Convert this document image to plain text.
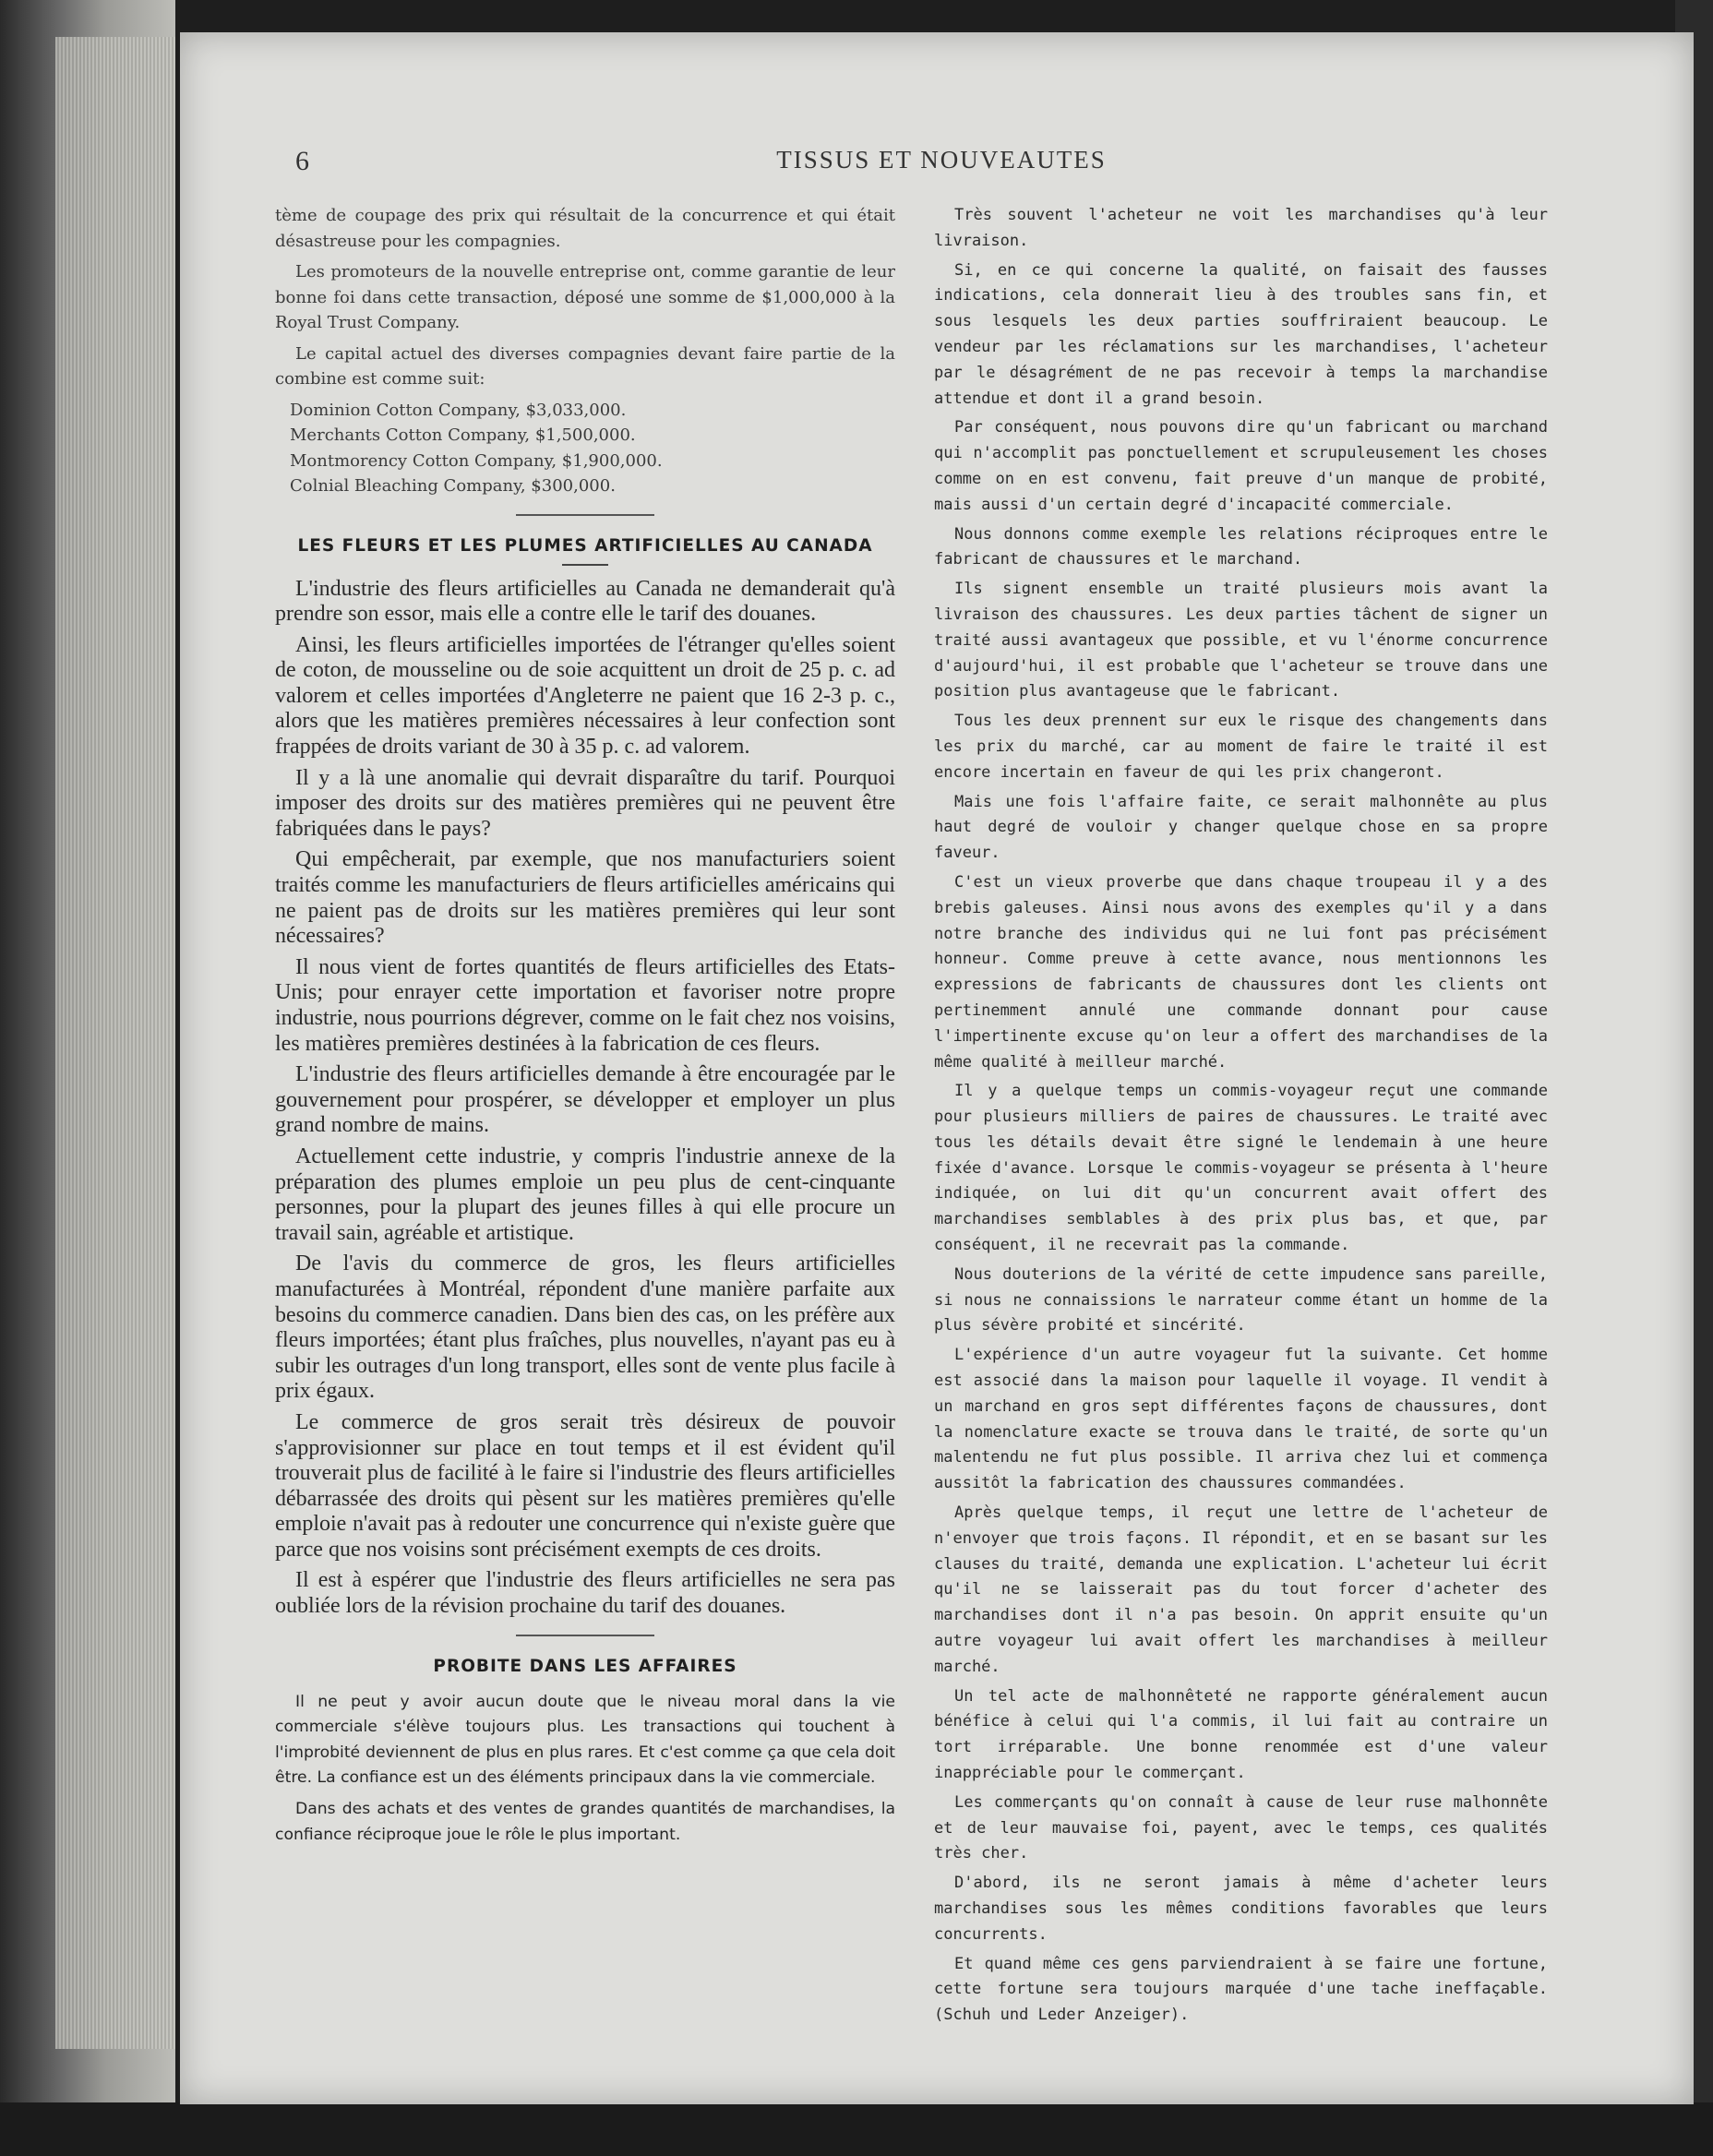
6	TISSUS ET NOUVEAUTES

tème de coupage des prix qui résultait de la concurrence et qui était désastreuse pour les compagnies.

Les promoteurs de la nouvelle entreprise ont, comme garantie de leur bonne foi dans cette transaction, déposé une somme de $1,000,000 à la Royal Trust Company.

Le capital actuel des diverses compagnies devant faire partie de la combine est comme suit:

Dominion Cotton Company, $3,033,000.
Merchants Cotton Company, $1,500,000.
Montmorency Cotton Company, $1,900,000.
Colnial Bleaching Company, $300,000.
LES FLEURS ET LES PLUMES ARTIFICIELLES AU CANADA

L'industrie des fleurs artificielles au Canada ne demanderait qu'à prendre son essor, mais elle a contre elle le tarif des douanes.

Ainsi, les fleurs artificielles importées de l'étranger qu'elles soient de coton, de mousseline ou de soie acquittent un droit de 25 p. c. ad valorem et celles importées d'Angleterre ne paient que 16 2-3 p. c., alors que les matières premières nécessaires à leur confection sont frappées de droits variant de 30 à 35 p. c. ad valorem.

Il y a là une anomalie qui devrait disparaître du tarif. Pourquoi imposer des droits sur des matières premières qui ne peuvent être fabriquées dans le pays?

Qui empêcherait, par exemple, que nos manufacturiers soient traités comme les manufacturiers de fleurs artificielles américains qui ne paient pas de droits sur les matières premières qui leur sont nécessaires?

Il nous vient de fortes quantités de fleurs artificielles des Etats-Unis; pour enrayer cette importation et favoriser notre propre industrie, nous pourrions dégrever, comme on le fait chez nos voisins, les matières premières destinées à la fabrication de ces fleurs.

L'industrie des fleurs artificielles demande à être encouragée par le gouvernement pour prospérer, se développer et employer un plus grand nombre de mains.

Actuellement cette industrie, y compris l'industrie annexe de la préparation des plumes emploie un peu plus de cent-cinquante personnes, pour la plupart des jeunes filles à qui elle procure un travail sain, agréable et artistique.

De l'avis du commerce de gros, les fleurs artificielles manufacturées à Montréal, répondent d'une manière parfaite aux besoins du commerce canadien. Dans bien des cas, on les préfère aux fleurs importées; étant plus fraîches, plus nouvelles, n'ayant pas eu à subir les outrages d'un long transport, elles sont de vente plus facile à prix égaux.

Le commerce de gros serait très désireux de pouvoir s'approvisionner sur place en tout temps et il est évident qu'il trouverait plus de facilité à le faire si l'industrie des fleurs artificielles débarrassée des droits qui pèsent sur les matières premières qu'elle emploie n'avait pas à redouter une concurrence qui n'existe guère que parce que nos voisins sont précisément exempts de ces droits.

Il est à espérer que l'industrie des fleurs artificielles ne sera pas oubliée lors de la révision prochaine du tarif des douanes.

PROBITE DANS LES AFFAIRES

Il ne peut y avoir aucun doute que le niveau moral dans la vie commerciale s'élève toujours plus. Les transactions qui touchent à l'improbité deviennent de plus en plus rares. Et c'est comme ça que cela doit être. La confiance est un des éléments principaux dans la vie commerciale.

Dans des achats et des ventes de grandes quantités de marchandises, la confiance réciproque joue le rôle le plus important.

Très souvent l'acheteur ne voit les marchandises qu'à leur livraison.

Si, en ce qui concerne la qualité, on faisait des fausses indications, cela donnerait lieu à des troubles sans fin, et sous lesquels les deux parties souffriraient beaucoup. Le vendeur par les réclamations sur les marchandises, l'acheteur par le désagrément de ne pas recevoir à temps la marchandise attendue et dont il a grand besoin.

Par conséquent, nous pouvons dire qu'un fabricant ou marchand qui n'accomplit pas ponctuellement et scrupuleusement les choses comme on en est convenu, fait preuve d'un manque de probité, mais aussi d'un certain degré d'incapacité commerciale.

Nous donnons comme exemple les relations réciproques entre le fabricant de chaussures et le marchand.

Ils signent ensemble un traité plusieurs mois avant la livraison des chaussures. Les deux parties tâchent de signer un traité aussi avantageux que possible, et vu l'énorme concurrence d'aujourd'hui, il est probable que l'acheteur se trouve dans une position plus avantageuse que le fabricant.

Tous les deux prennent sur eux le risque des changements dans les prix du marché, car au moment de faire le traité il est encore incertain en faveur de qui les prix changeront.

Mais une fois l'affaire faite, ce serait malhonnête au plus haut degré de vouloir y changer quelque chose en sa propre faveur.

C'est un vieux proverbe que dans chaque troupeau il y a des brebis galeuses. Ainsi nous avons des exemples qu'il y a dans notre branche des individus qui ne lui font pas précisément honneur. Comme preuve à cette avance, nous mentionnons les expressions de fabricants de chaussures dont les clients ont pertinemment annulé une commande donnant pour cause l'impertinente excuse qu'on leur a offert des marchandises de la même qualité à meilleur marché.

Il y a quelque temps un commis-voyageur reçut une commande pour plusieurs milliers de paires de chaussures. Le traité avec tous les détails devait être signé le lendemain à une heure fixée d'avance. Lorsque le commis-voyageur se présenta à l'heure indiquée, on lui dit qu'un concurrent avait offert des marchandises semblables à des prix plus bas, et que, par conséquent, il ne recevrait pas la commande.

Nous douterions de la vérité de cette impudence sans pareille, si nous ne connaissions le narrateur comme étant un homme de la plus sévère probité et sincérité.

L'expérience d'un autre voyageur fut la suivante. Cet homme est associé dans la maison pour laquelle il voyage. Il vendit à un marchand en gros sept différentes façons de chaussures, dont la nomenclature exacte se trouva dans le traité, de sorte qu'un malentendu ne fut plus possible. Il arriva chez lui et commença aussitôt la fabrication des chaussures commandées.

Après quelque temps, il reçut une lettre de l'acheteur de n'envoyer que trois façons. Il répondit, et en se basant sur les clauses du traité, demanda une explication. L'acheteur lui écrit qu'il ne se laisserait pas du tout forcer d'acheter des marchandises dont il n'a pas besoin. On apprit ensuite qu'un autre voyageur lui avait offert les marchandises à meilleur marché.

Un tel acte de malhonnêteté ne rapporte généralement aucun bénéfice à celui qui l'a commis, il lui fait au contraire un tort irréparable. Une bonne renommée est d'une valeur inappréciable pour le commerçant.

Les commerçants qu'on connaît à cause de leur ruse malhonnête et de leur mauvaise foi, payent, avec le temps, ces qualités très cher.

D'abord, ils ne seront jamais à même d'acheter leurs marchandises sous les mêmes conditions favorables que leurs concurrents.

Et quand même ces gens parviendraient à se faire une fortune, cette fortune sera toujours marquée d'une tache ineffaçable. (Schuh und Leder Anzeiger).
